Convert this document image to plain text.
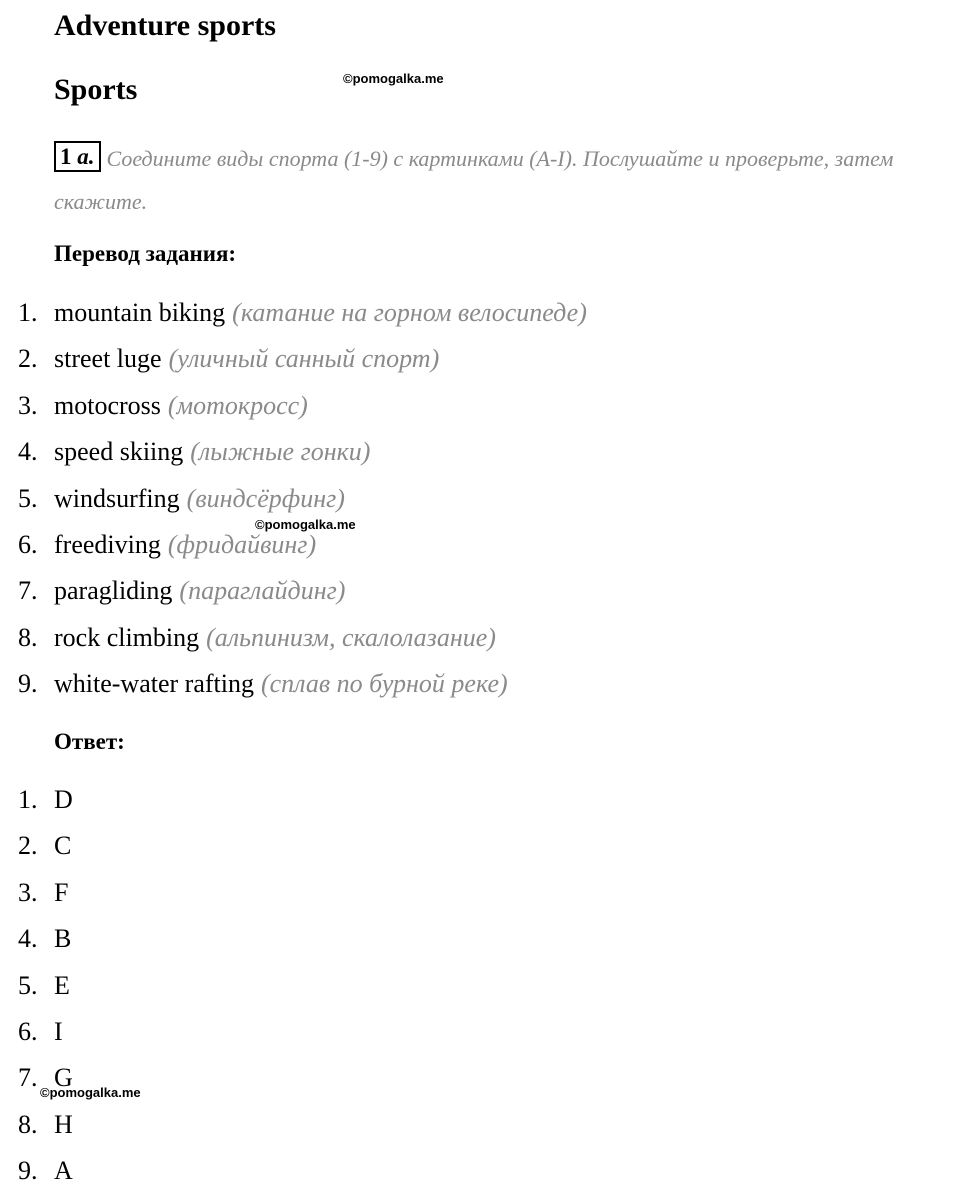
Adventure sports
Sports	©pomogalka.me
1 a. Соедините виды спорта (1-9) с картинками (A-I). Послушайте и проверьте, затем скажите.
Перевод задания:
1. mountain biking (катание на горном велосипеде)
2. street luge (уличный санный спорт)
3. motocross (мотокросс)
4. speed skiing (лыжные гонки)
5. windsurfing (виндсёрфинг)
6. freediving (фридайвинг)
7. paragliding (параглайдинг)
8. rock climbing (альпинизм, скалолазание)
9. white-water rafting (сплав по бурной реке)
©pomogalka.me
Ответ:
1. D
2. C
3. F
4. B
5. E
6. I
7. G
8. H
9. A
©pomogalka.me
